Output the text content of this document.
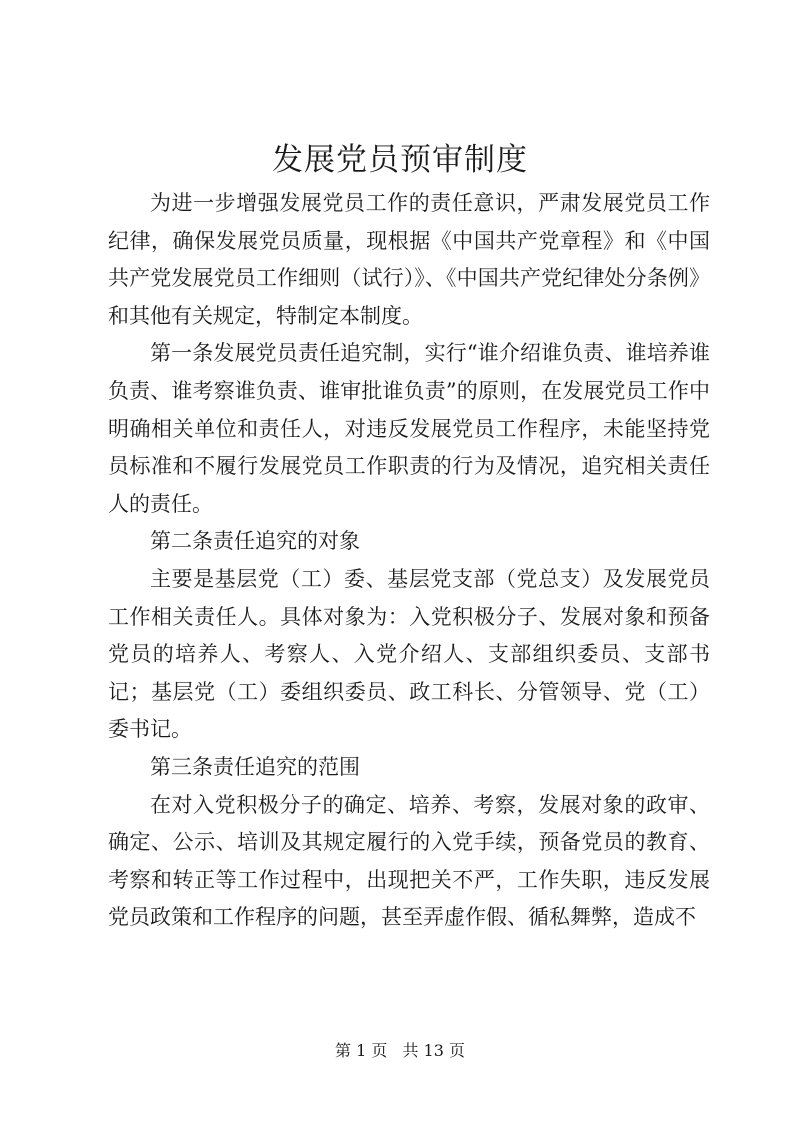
发展党员预审制度

为进一步增强发展党员工作的责任意识，严肃发展党员工作纪律，确保发展党员质量，现根据《中国共产党章程》和《中国共产党发展党员工作细则（试行）》、《中国共产党纪律处分条例》和其他有关规定，特制定本制度。

第一条发展党员责任追究制，实行“谁介绍谁负责、谁培养谁负责、谁考察谁负责、谁审批谁负责”的原则，在发展党员工作中明确相关单位和责任人，对违反发展党员工作程序，未能坚持党员标准和不履行发展党员工作职责的行为及情况，追究相关责任人的责任。

第二条责任追究的对象

主要是基层党（工）委、基层党支部（党总支）及发展党员工作相关责任人。具体对象为：入党积极分子、发展对象和预备党员的培养人、考察人、入党介绍人、支部组织委员、支部书记；基层党（工）委组织委员、政工科长、分管领导、党（工）委书记。

第三条责任追究的范围

在对入党积极分子的确定、培养、考察，发展对象的政审、确定、公示、培训及其规定履行的入党手续，预备党员的教育、考察和转正等工作过程中，出现把关不严，工作失职，违反发展党员政策和工作程序的问题，甚至弄虚作假、循私舞弊，造成不

第 1 页 共 13 页
